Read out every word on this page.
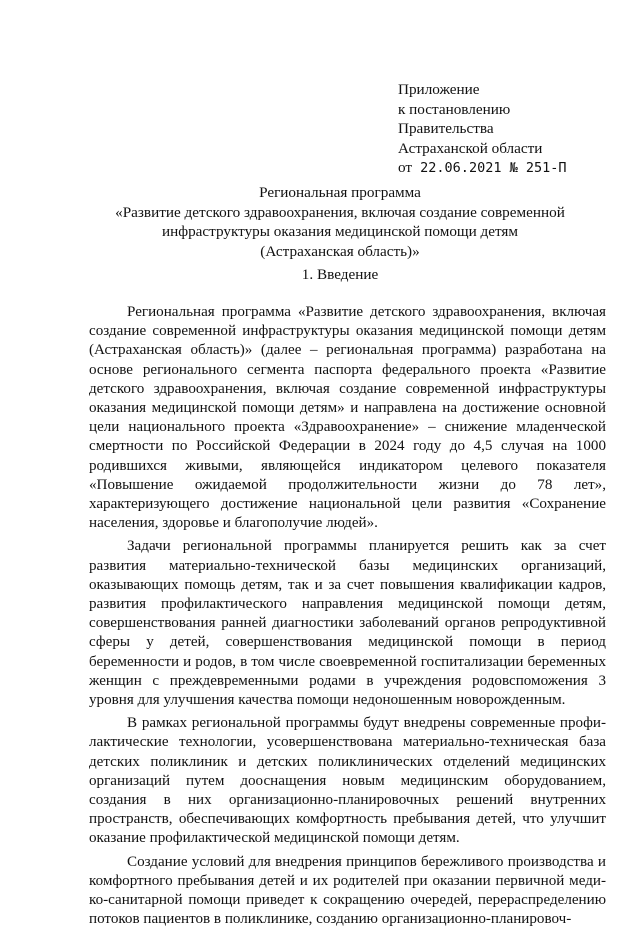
Приложение
к постановлению
Правительства
Астраханской области
от 22.06.2021 № 251-П
Региональная программа
«Развитие детского здравоохранения, включая создание современной
инфраструктуры оказания медицинской помощи детям
(Астраханская область)»
1. Введение

Региональная программа «Развитие детского здравоохранения, включая создание современной инфраструктуры оказания медицинской помощи детям (Астраханская область)» (далее – региональная программа) разработана на основе регионального сегмента паспорта федерального проекта «Развитие детского здравоохранения, включая создание современной инфраструктуры оказания медицинской помощи детям» и направлена на достижение основной цели национального проекта «Здравоохранение» – снижение младенческой смертности по Российской Федерации в 2024 году до 4,5 случая на 1000 родившихся живыми, являющейся индикатором целевого показателя «Повышение ожидаемой продолжительности жизни до 78 лет», характеризующего достижение национальной цели развития «Сохранение населения, здоровье и благополучие людей».

Задачи региональной программы планируется решить как за счет развития материально-технической базы медицинских организаций, оказывающих помощь детям, так и за счет повышения квалификации кадров, развития профилактического направления медицинской помощи детям, совершенствования ранней диагностики заболеваний органов репродуктивной сферы у детей, совершенствования медицинской помощи в период беременности и родов, в том числе своевременной госпитализации беременных женщин с преждевременными родами в учреждения родовспоможения 3 уровня для улучшения качества помощи недоношенным новорожденным.

В рамках региональной программы будут внедрены современные профилактические технологии, усовершенствована материально-техническая база детских поликлиник и детских поликлинических отделений медицинских организаций путем дооснащения новым медицинским оборудованием, создания в них организационно-планировочных решений внутренних пространств, обеспечивающих комфортность пребывания детей, что улучшит оказание профилактической медицинской помощи детям.

Создание условий для внедрения принципов бережливого производства и комфортного пребывания детей и их родителей при оказании первичной медико-санитарной помощи приведет к сокращению очередей, перераспределению потоков пациентов в поликлинике, созданию организационно-планировоч-
